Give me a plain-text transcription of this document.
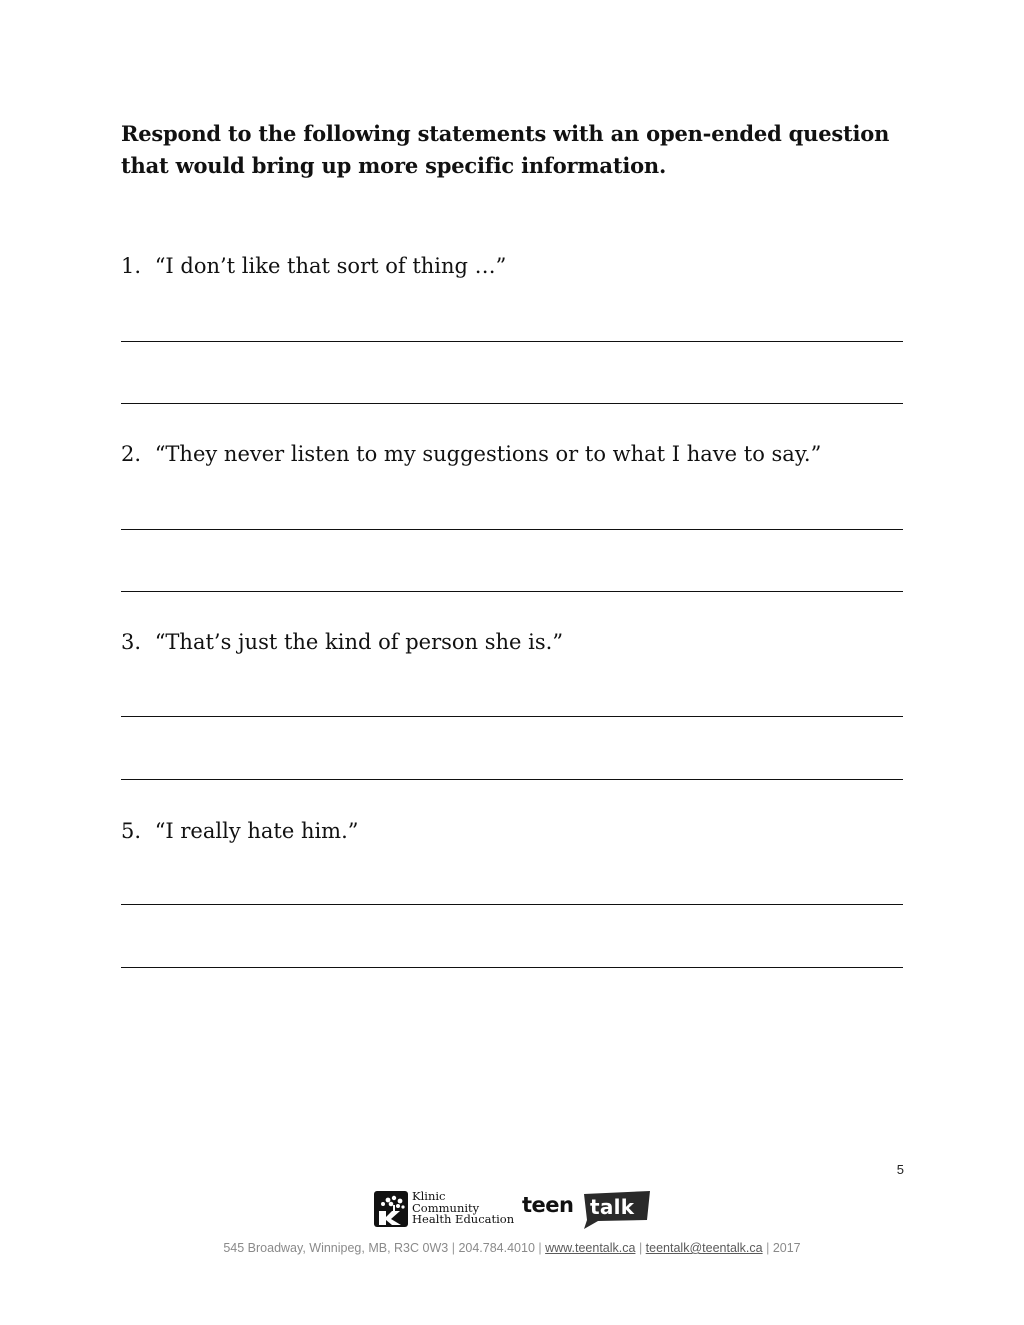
Respond to the following statements with an open-ended question that would bring up more specific information.
1. “I don’t like that sort of thing …”
2. “They never listen to my suggestions or to what I have to say.”
3. “That’s just the kind of person she is.”
5. “I really hate him.”
5
Klinic
Community
Health Education
teen talk
545 Broadway, Winnipeg, MB, R3C 0W3 | 204.784.4010 | www.teentalk.ca | teentalk@teentalk.ca | 2017
